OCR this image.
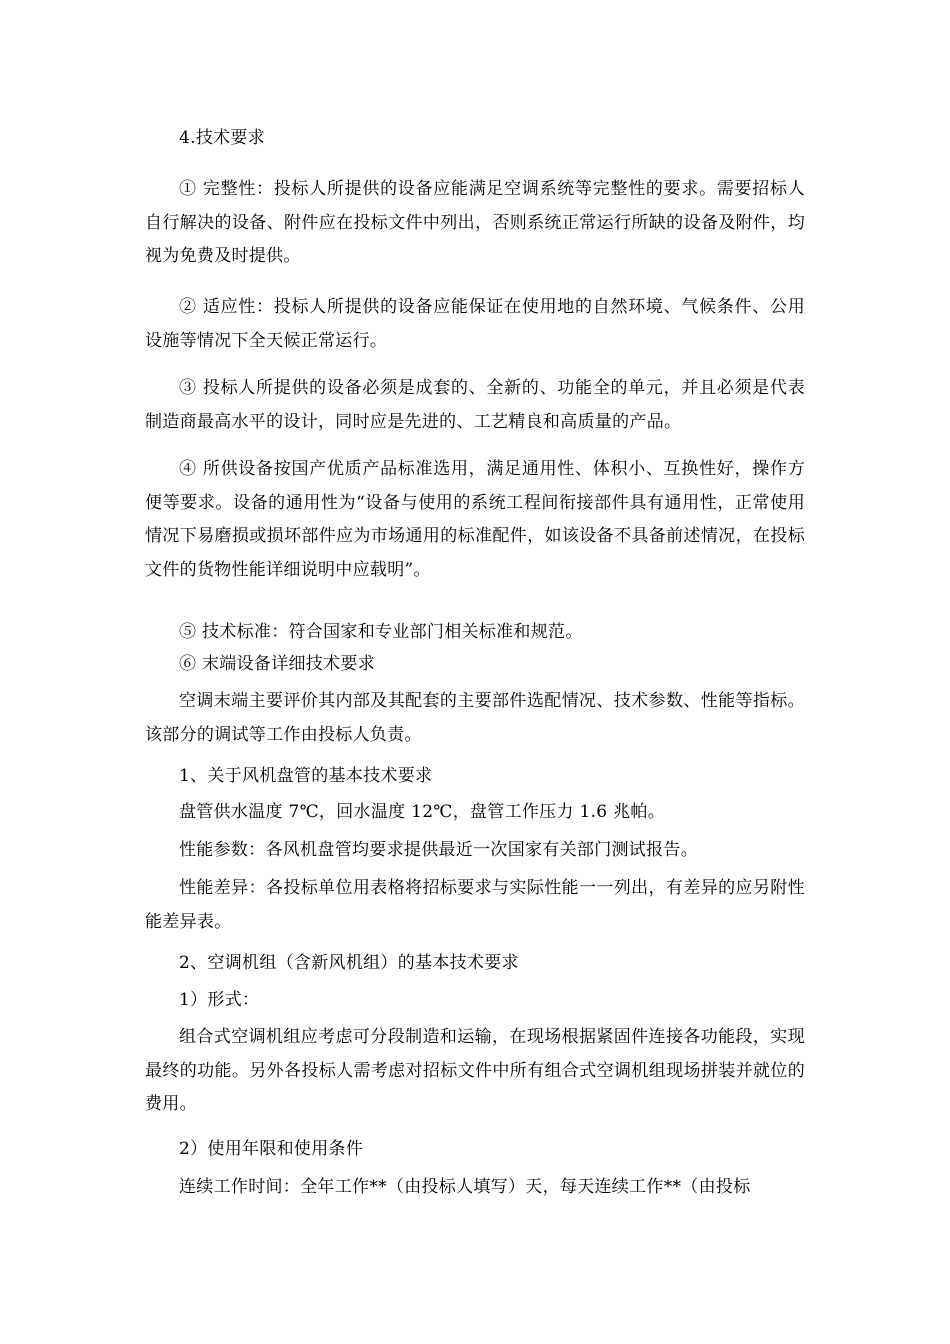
4.技术要求

① 完整性：投标人所提供的设备应能满足空调系统等完整性的要求。需要招标人自行解决的设备、附件应在投标文件中列出，否则系统正常运行所缺的设备及附件，均视为免费及时提供。

② 适应性：投标人所提供的设备应能保证在使用地的自然环境、气候条件、公用设施等情况下全天候正常运行。

③ 投标人所提供的设备必须是成套的、全新的、功能全的单元，并且必须是代表制造商最高水平的设计，同时应是先进的、工艺精良和高质量的产品。

④ 所供设备按国产优质产品标准选用，满足通用性、体积小、互换性好，操作方便等要求。设备的通用性为“设备与使用的系统工程间衔接部件具有通用性，正常使用情况下易磨损或损坏部件应为市场通用的标准配件，如该设备不具备前述情况，在投标文件的货物性能详细说明中应载明”。

⑤ 技术标准：符合国家和专业部门相关标准和规范。

⑥ 末端设备详细技术要求

空调末端主要评价其内部及其配套的主要部件选配情况、技术参数、性能等指标。该部分的调试等工作由投标人负责。

1、关于风机盘管的基本技术要求

盘管供水温度 7℃，回水温度 12℃，盘管工作压力 1.6 兆帕。

性能参数：各风机盘管均要求提供最近一次国家有关部门测试报告。

性能差异：各投标单位用表格将招标要求与实际性能一一列出，有差异的应另附性能差异表。

2、空调机组（含新风机组）的基本技术要求

1）形式：

组合式空调机组应考虑可分段制造和运输，在现场根据紧固件连接各功能段，实现最终的功能。另外各投标人需考虑对招标文件中所有组合式空调机组现场拼装并就位的费用。

2）使用年限和使用条件

连续工作时间：全年工作**（由投标人填写）天，每天连续工作**（由投标
